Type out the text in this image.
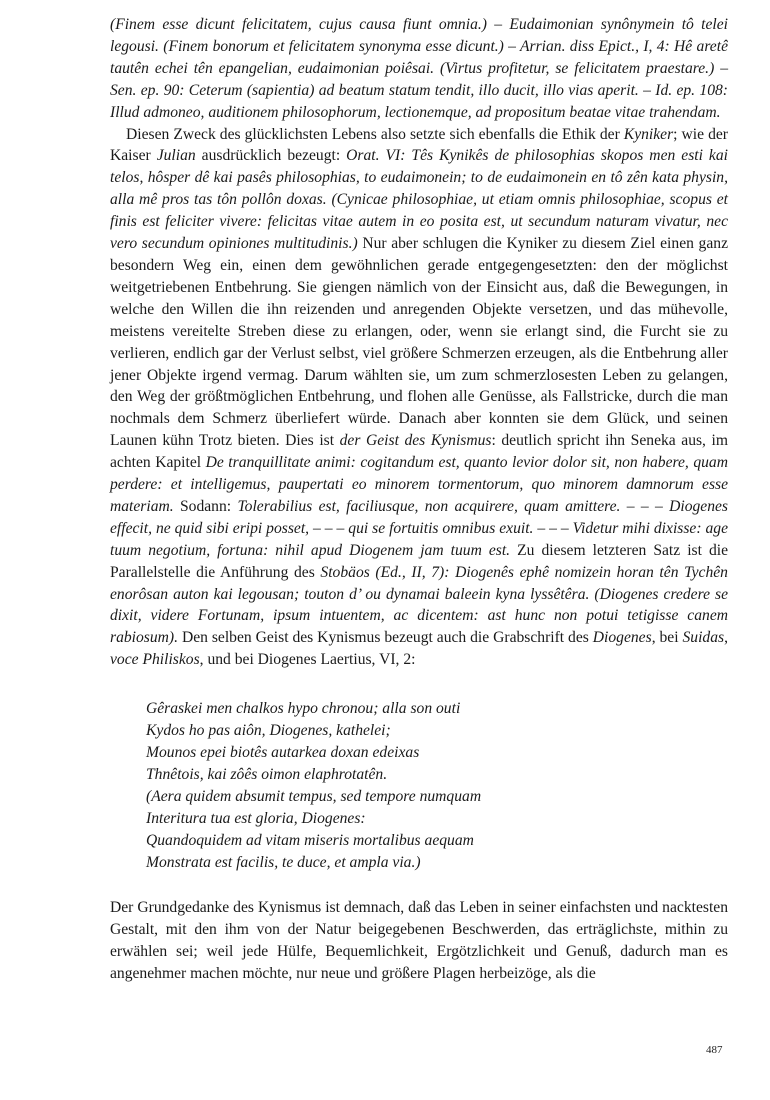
(Finem esse dicunt felicitatem, cujus causa fiunt omnia.) – Eudaimonian synônymein tô telei legousi. (Finem bonorum et felicitatem synonyma esse dicunt.) – Arrian. diss Epict., I, 4: Hê aretê tautên echei tên epangelian, eudaimonian poiêsai. (Virtus profitetur, se felicitatem praestare.) – Sen. ep. 90: Ceterum (sapientia) ad beatum statum tendit, illo ducit, illo vias aperit. – Id. ep. 108: Illud admoneo, auditionem philosophorum, lectionemque, ad propositum beatae vitae trahendam.

Diesen Zweck des glücklichsten Lebens also setzte sich ebenfalls die Ethik der Kyniker; wie der Kaiser Julian ausdrücklich bezeugt: Orat. VI: Tês Kynikês de philosophias skopos men esti kai telos, hôsper dê kai pasês philosophias, to eudaimonein; to de eudaimonein en tô zên kata physin, alla mê pros tas tôn pollôn doxas. (Cynicae philosophiae, ut etiam omnis philosophiae, scopus et finis est feliciter vivere: felicitas vitae autem in eo posita est, ut secundum naturam vivatur, nec vero secundum opiniones multitudinis.) Nur aber schlugen die Kyniker zu diesem Ziel einen ganz besondern Weg ein, einen dem gewöhnlichen gerade entgegengesetzten: den der möglichst weitgetriebenen Entbehrung. Sie giengen nämlich von der Einsicht aus, daß die Bewegungen, in welche den Willen die ihn reizenden und anregenden Objekte versetzen, und das mühevolle, meistens vereitelte Streben diese zu erlangen, oder, wenn sie erlangt sind, die Furcht sie zu verlieren, endlich gar der Verlust selbst, viel größere Schmerzen erzeugen, als die Entbehrung aller jener Objekte irgend vermag. Darum wählten sie, um zum schmerzlosesten Leben zu gelangen, den Weg der größtmöglichen Entbehrung, und flohen alle Genüsse, als Fallstricke, durch die man nochmals dem Schmerz überliefert würde. Danach aber konnten sie dem Glück, und seinen Launen kühn Trotz bieten. Dies ist der Geist des Kynismus: deutlich spricht ihn Seneka aus, im achten Kapitel De tranquillitate animi: cogitandum est, quanto levior dolor sit, non habere, quam perdere: et intelligemus, paupertati eo minorem tormentorum, quo minorem damnorum esse materiam. Sodann: Tolerabilius est, faciliusque, non acquirere, quam amittere. – – – Diogenes effecit, ne quid sibi eripi posset, – – – qui se fortuitis omnibus exuit. – – – Videtur mihi dixisse: age tuum negotium, fortuna: nihil apud Diogenem jam tuum est. Zu diesem letzteren Satz ist die Parallelstelle die Anführung des Stobäos (Ed., II, 7): Diogenês ephê nomizein horan tên Tychên enorôsan auton kai legousan; touton d’ ou dynamai baleein kyna lyssêtêra. (Diogenes credere se dixit, videre Fortunam, ipsum intuentem, ac dicentem: ast hunc non potui tetigisse canem rabiosum). Den selben Geist des Kynismus bezeugt auch die Grabschrift des Diogenes, bei Suidas, voce Philiskos, und bei Diogenes Laertius, VI, 2:

Gêraskei men chalkos hypo chronou; alla son outi
Kydos ho pas aiôn, Diogenes, kathelei;
Mounos epei biotês autarkea doxan edeixas
Thnêtois, kai zôês oimon elaphrotatên.
(Aera quidem absumit tempus, sed tempore numquam
Interitura tua est gloria, Diogenes:
Quandoquidem ad vitam miseris mortalibus aequam
Monstrata est facilis, te duce, et ampla via.)

Der Grundgedanke des Kynismus ist demnach, daß das Leben in seiner einfachsten und nacktesten Gestalt, mit den ihm von der Natur beigegebenen Beschwerden, das erträglichste, mithin zu erwählen sei; weil jede Hülfe, Bequemlichkeit, Ergötzlichkeit und Genuß, dadurch man es angenehmer machen möchte, nur neue und größere Plagen herbeizöge, als die

487
